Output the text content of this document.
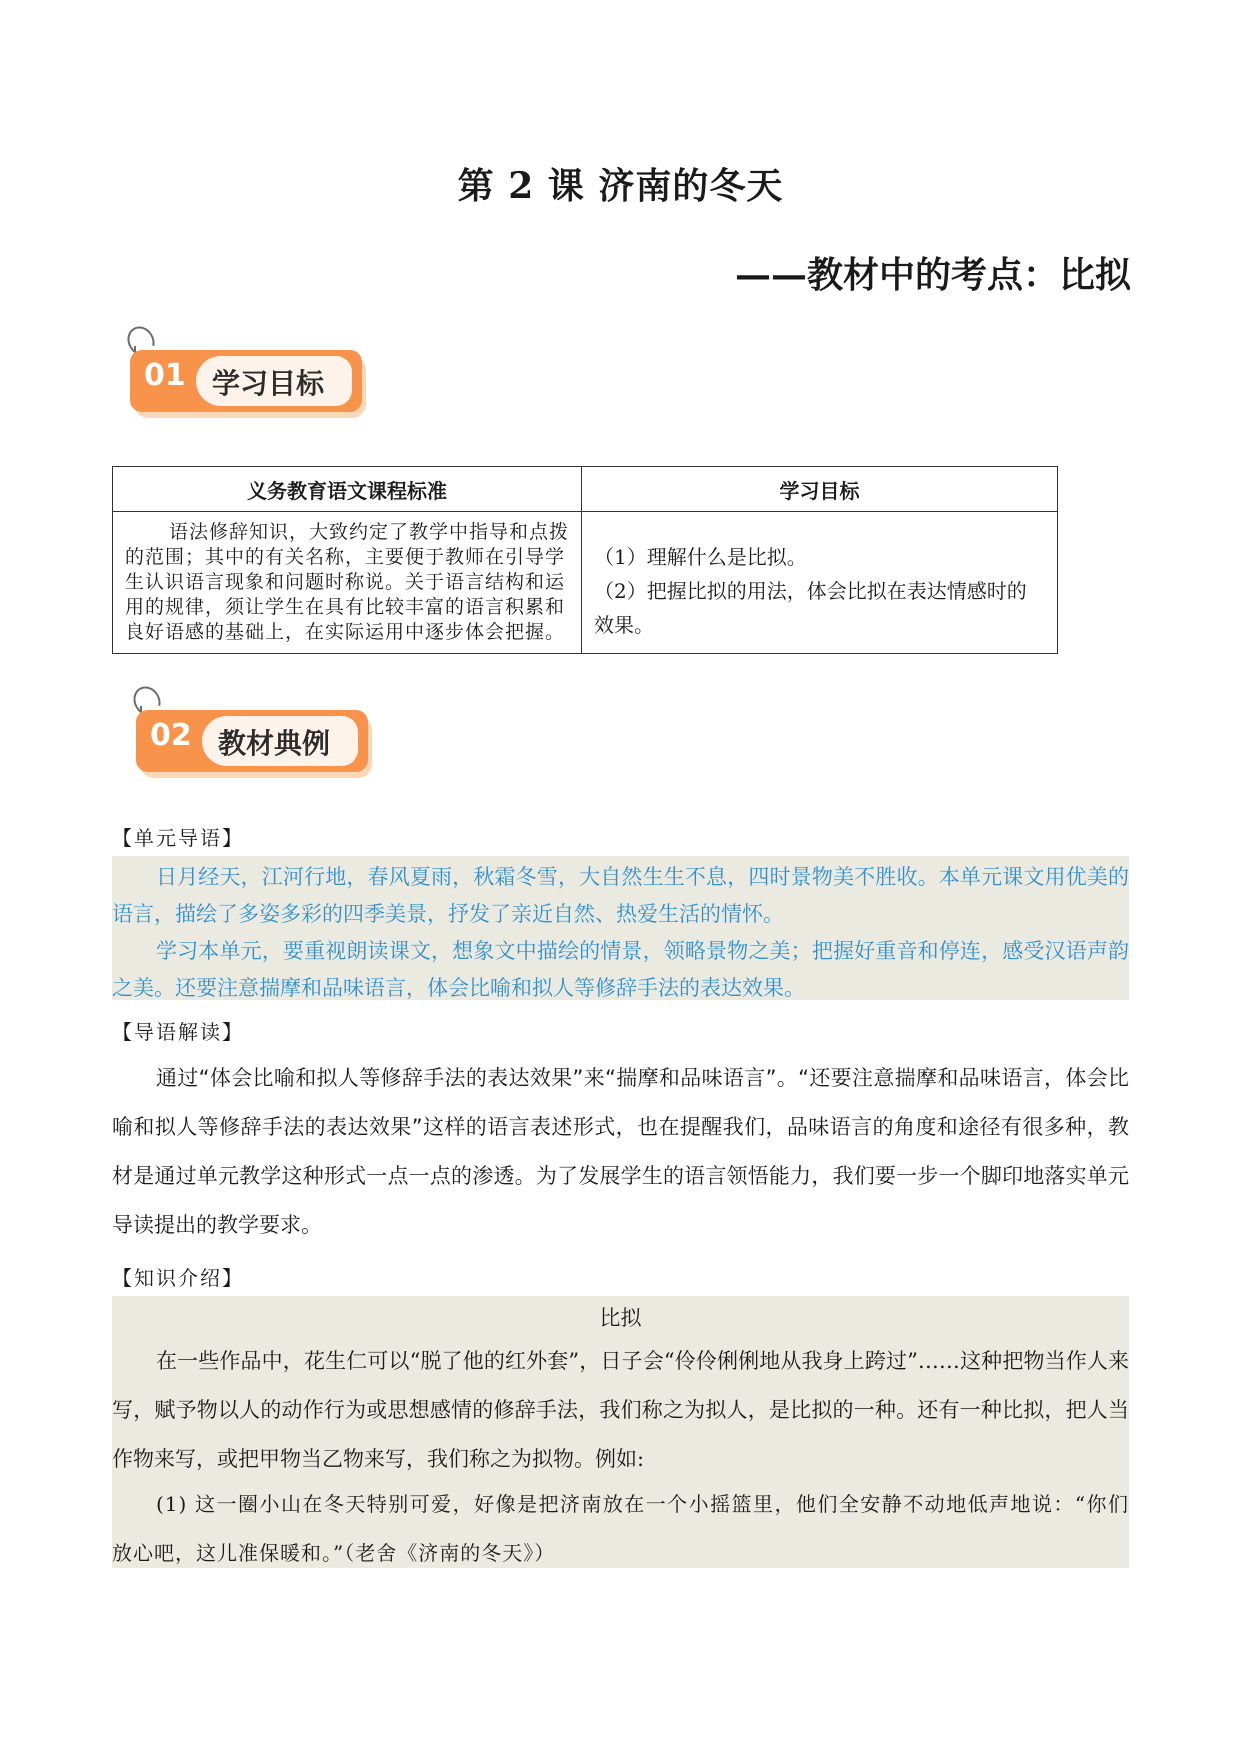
第 2 课 济南的冬天
——教材中的考点：比拟
01 学习目标
义务教育语文课程标准	学习目标
语法修辞知识，大致约定了教学中指导和点拨的范围；其中的有关名称，主要便于教师在引导学生认识语言现象和问题时称说。关于语言结构和运用的规律，须让学生在具有比较丰富的语言积累和良好语感的基础上，在实际运用中逐步体会把握。	（1）理解什么是比拟。

（2）把握比拟的用法，体会比拟在表达情感时的效果。

02 教材典例
【单元导语】

日月经天，江河行地，春风夏雨，秋霜冬雪，大自然生生不息，四时景物美不胜收。本单元课文用优美的语言，描绘了多姿多彩的四季美景，抒发了亲近自然、热爱生活的情怀。

学习本单元，要重视朗读课文，想象文中描绘的情景，领略景物之美；把握好重音和停连，感受汉语声韵之美。还要注意揣摩和品味语言，体会比喻和拟人等修辞手法的表达效果。

【导语解读】

通过“体会比喻和拟人等修辞手法的表达效果”来“揣摩和品味语言”。“还要注意揣摩和品味语言，体会比喻和拟人等修辞手法的表达效果”这样的语言表述形式，也在提醒我们，品味语言的角度和途径有很多种，教材是通过单元教学这种形式一点一点的渗透。为了发展学生的语言领悟能力，我们要一步一个脚印地落实单元导读提出的教学要求。

【知识介绍】
比拟

在一些作品中，花生仁可以“脱了他的红外套”，日子会“伶伶俐俐地从我身上跨过”……这种把物当作人来写，赋予物以人的动作行为或思想感情的修辞手法，我们称之为拟人，是比拟的一种。还有一种比拟，把人当作物来写，或把甲物当乙物来写，我们称之为拟物。例如:

(1) 这一圈小山在冬天特别可爱，好像是把济南放在一个小摇篮里，他们全安静不动地低声地说：“你们放心吧，这儿准保暖和。”（老舍《济南的冬天》）
